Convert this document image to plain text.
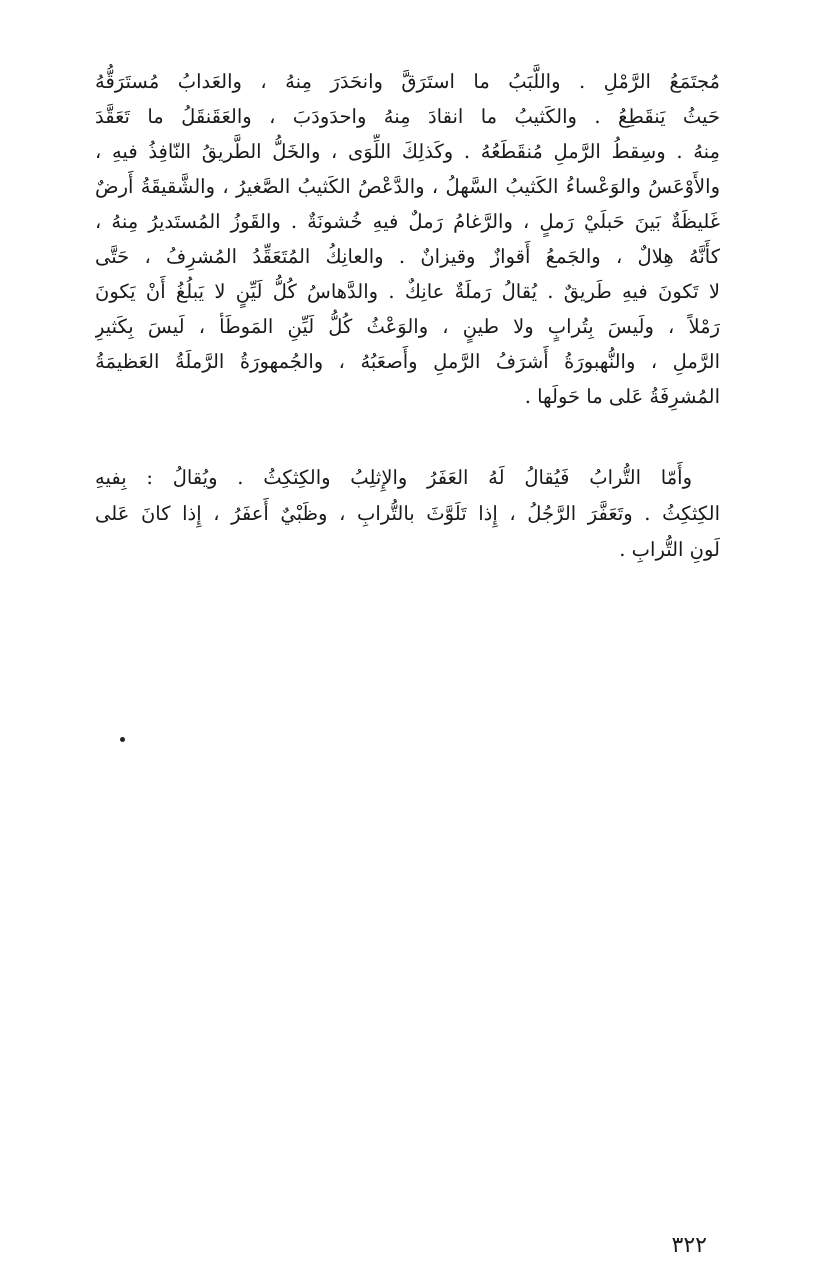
مُجتَمَعُ الرَّمْلِ . واللَّبَبُ ما استَرَقَّ وانحَدَرَ مِنهُ ، والعَدابُ مُستَرَقُّهُ
حَيثُ يَنقَطِعُ . والكَثيبُ ما انقادَ مِنهُ واحدَودَبَ ، والعَقَنقَلُ ما تَعَقَّدَ
مِنهُ . وسِقطُ الرَّملِ مُنقَطَعُهُ . وكَذلِكَ اللِّوَى ، والخَلُّ الطَّريقُ النّافِذُ فيهِ ،
والأَوْعَسُ والوَعْساءُ الكَثيبُ السَّهلُ ، والدَّعْصُ الكَثيبُ الصَّغيرُ ، والشَّقيقَةُ أَرضٌ
غَليظَةٌ بَينَ حَبلَيْ رَملٍ ، والرَّغامُ رَملٌ فيهِ خُشونَةٌ . والقَوزُ المُستَديرُ مِنهُ ،
كأَنَّهُ هِلالٌ ، والجَمعُ أَقوازٌ وقيزانٌ . والعانِكُ المُتَعَقِّدُ المُشرِفُ ، حَتَّى
لا تَكونَ فيهِ طَريقٌ . يُقالُ رَملَةٌ عانِكٌ . والدَّهاسُ كُلُّ لَيِّنٍ لا يَبلُغُ أَنْ يَكونَ
رَمْلاً ، ولَيسَ بِتُرابٍ ولا طينٍ ، والوَعْثُ كُلُّ لَيِّنِ المَوطَأ ، لَيسَ بِكَثيرِ
الرَّملِ ، والنُّهبورَةُ أَشرَفُ الرَّملِ وأَصعَبُهُ ، والجُمهورَةُ الرَّملَةُ العَظيمَةُ
المُشرِفَةُ عَلى ما حَولَها .
وأَمّا التُّرابُ فَيُقالُ لَهُ العَفَرُ والإِثلِبُ والكِثكِثُ . ويُقالُ : بِفيهِ
الكِثكِثُ . وتَعَفَّرَ الرَّجُلُ ، إِذا تَلَوَّثَ بالتُّرابِ ، وظَبْيٌ أَعفَرُ ، إِذا كانَ عَلى
لَونِ التُّرابِ .
٣٢٢
